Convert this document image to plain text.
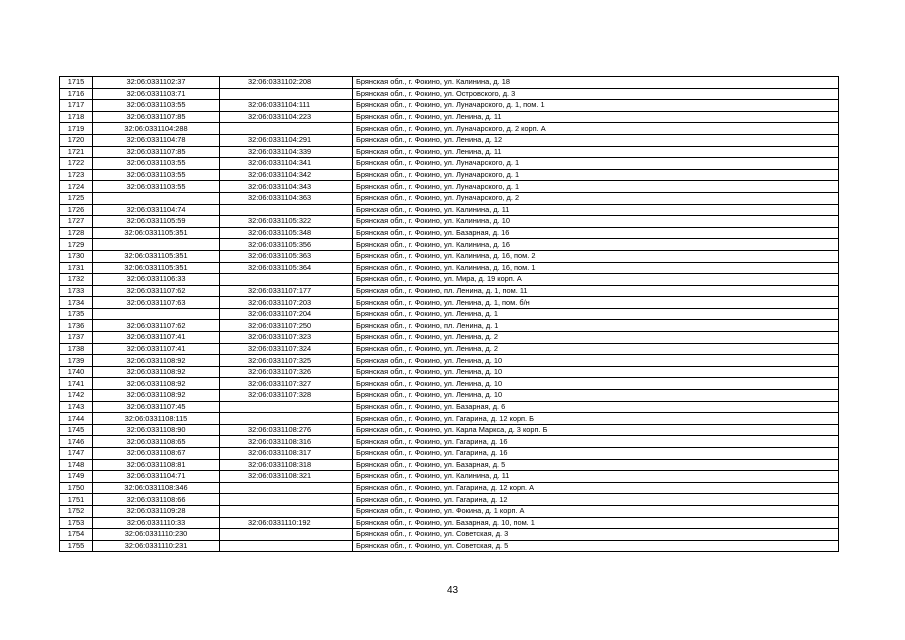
1715	32:06:0331102:37	32:06:0331102:208	Брянская обл., г. Фокино, ул. Калинина, д. 18
1716	32:06:0331103:71		Брянская обл., г. Фокино, ул. Островского, д. 3
1717	32:06:0331103:55	32:06:0331104:111	Брянская обл., г. Фокино, ул. Луначарского, д. 1, пом. 1
1718	32:06:0331107:85	32:06:0331104:223	Брянская обл., г. Фокино, ул. Ленина, д. 11
1719	32:06:0331104:288		Брянская обл., г. Фокино, ул. Луначарского, д. 2 корп. А
1720	32:06:0331104:78	32:06:0331104:291	Брянская обл., г. Фокино, ул. Ленина, д. 12
1721	32:06:0331107:85	32:06:0331104:339	Брянская обл., г. Фокино, ул. Ленина, д. 11
1722	32:06:0331103:55	32:06:0331104:341	Брянская обл., г. Фокино, ул. Луначарского, д. 1
1723	32:06:0331103:55	32:06:0331104:342	Брянская обл., г. Фокино, ул. Луначарского, д. 1
1724	32:06:0331103:55	32:06:0331104:343	Брянская обл., г. Фокино, ул. Луначарского, д. 1
1725		32:06:0331104:363	Брянская обл., г. Фокино, ул. Луначарского, д. 2
1726	32:06:0331104:74		Брянская обл., г. Фокино, ул. Калинина, д. 11
1727	32:06:0331105:59	32:06:0331105:322	Брянская обл., г. Фокино, ул. Калинина, д. 10
1728	32:06:0331105:351	32:06:0331105:348	Брянская обл., г. Фокино, ул. Базарная, д. 16
1729		32:06:0331105:356	Брянская обл., г. Фокино, ул. Калинина, д. 16
1730	32:06:0331105:351	32:06:0331105:363	Брянская обл., г. Фокино, ул. Калинина, д. 16, пом. 2
1731	32:06:0331105:351	32:06:0331105:364	Брянская обл., г. Фокино, ул. Калинина, д. 16, пом. 1
1732	32:06:0331106:33		Брянская обл., г. Фокино, ул. Мира, д. 19 корп. А
1733	32:06:0331107:62	32:06:0331107:177	Брянская обл., г. Фокино, пл. Ленина, д. 1, пом. 11
1734	32:06:0331107:63	32:06:0331107:203	Брянская обл., г. Фокино, ул. Ленина, д. 1, пом. б/н
1735		32:06:0331107:204	Брянская обл., г. Фокино, ул. Ленина, д. 1
1736	32:06:0331107:62	32:06:0331107:250	Брянская обл., г. Фокино, пл. Ленина, д. 1
1737	32:06:0331107:41	32:06:0331107:323	Брянская обл., г. Фокино, ул. Ленина, д. 2
1738	32:06:0331107:41	32:06:0331107:324	Брянская обл., г. Фокино, ул. Ленина, д. 2
1739	32:06:0331108:92	32:06:0331107:325	Брянская обл., г. Фокино, ул. Ленина, д. 10
1740	32:06:0331108:92	32:06:0331107:326	Брянская обл., г. Фокино, ул. Ленина, д. 10
1741	32:06:0331108:92	32:06:0331107:327	Брянская обл., г. Фокино, ул. Ленина, д. 10
1742	32:06:0331108:92	32:06:0331107:328	Брянская обл., г. Фокино, ул. Ленина, д. 10
1743	32:06:0331107:45		Брянская обл., г. Фокино, ул. Базарная, д. 6
1744	32:06:0331108:115		Брянская обл., г. Фокино, ул. Гагарина, д. 12 корп. Б
1745	32:06:0331108:90	32:06:0331108:276	Брянская обл., г. Фокино, ул. Карла Маркса, д. 3 корп. Б
1746	32:06:0331108:65	32:06:0331108:316	Брянская обл., г. Фокино, ул. Гагарина, д. 16
1747	32:06:0331108:67	32:06:0331108:317	Брянская обл., г. Фокино, ул. Гагарина, д. 16
1748	32:06:0331108:81	32:06:0331108:318	Брянская обл., г. Фокино, ул. Базарная, д. 5
1749	32:06:0331104:71	32:06:0331108:321	Брянская обл., г. Фокино, ул. Калинина, д. 11
1750	32:06:0331108:346		Брянская обл., г. Фокино, ул. Гагарина, д. 12 корп. А
1751	32:06:0331108:66		Брянская обл., г. Фокино, ул. Гагарина, д. 12
1752	32:06:0331109:28		Брянская обл., г. Фокино, ул. Фокина, д. 1 корп. А
1753	32:06:0331110:33	32:06:0331110:192	Брянская обл., г. Фокино, ул. Базарная, д. 10, пом. 1
1754	32:06:0331110:230		Брянская обл., г. Фокино, ул. Советская, д. 3
1755	32:06:0331110:231		Брянская обл., г. Фокино, ул. Советская, д. 5
43
